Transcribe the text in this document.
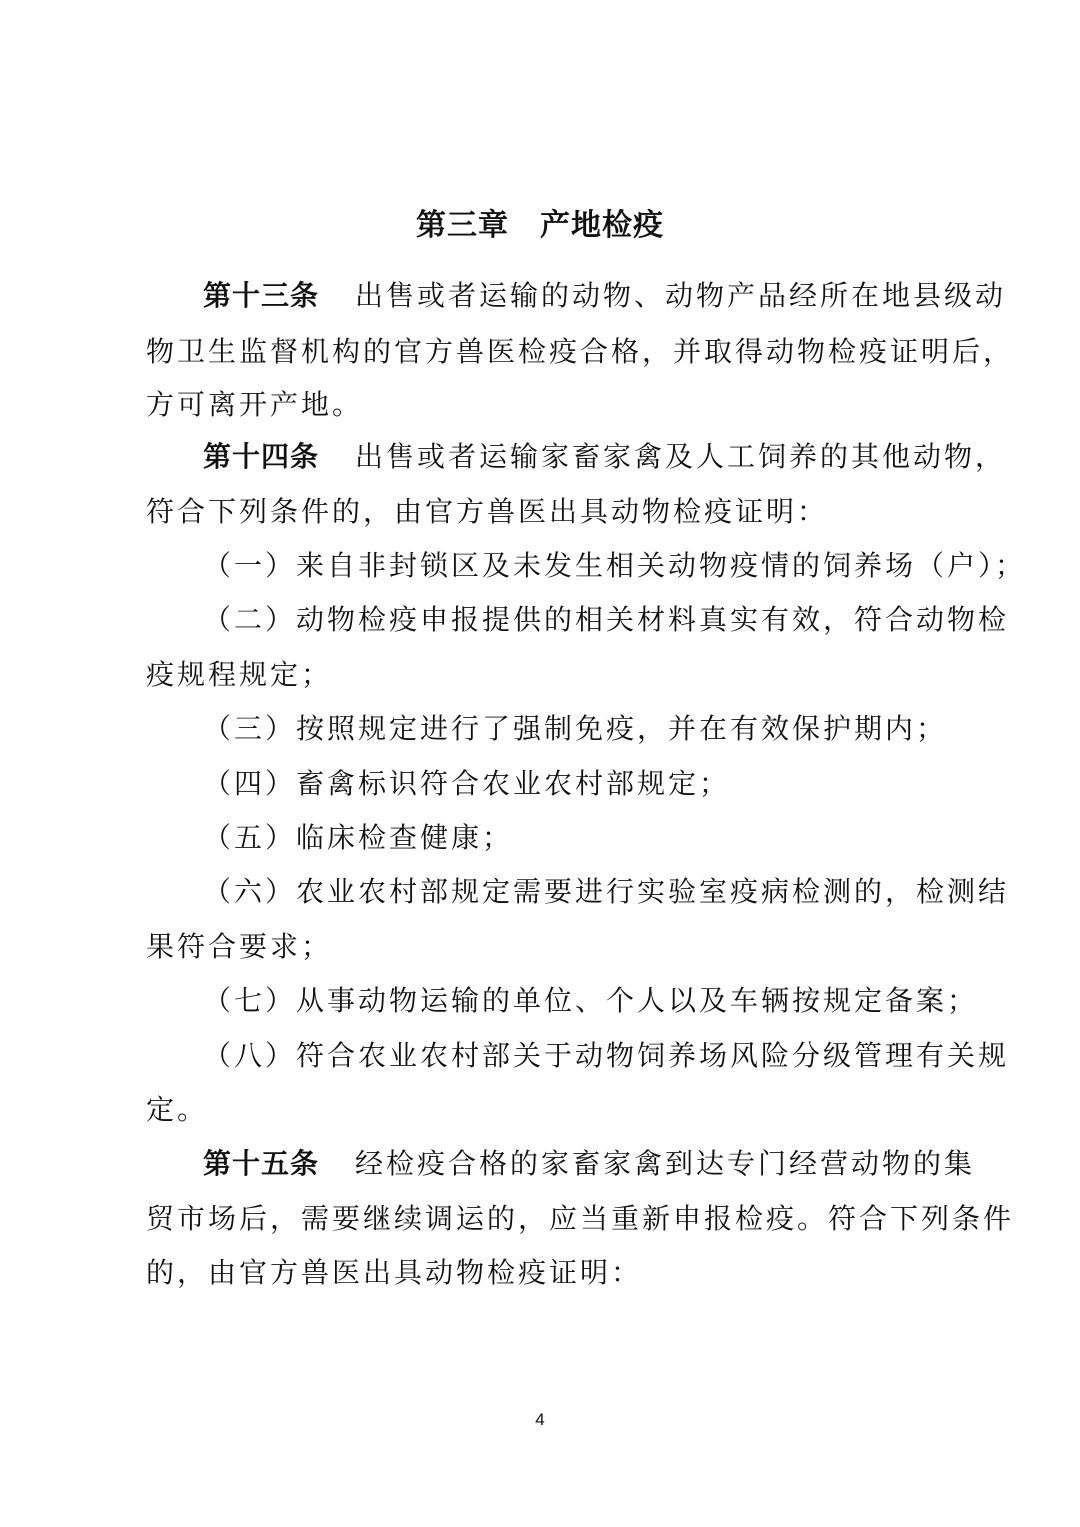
第三章　产地检疫
第十三条 出售或者运输的动物、动物产品经所在地县级动
物卫生监督机构的官方兽医检疫合格，并取得动物检疫证明后，
方可离开产地。
第十四条 出售或者运输家畜家禽及人工饲养的其他动物，
符合下列条件的，由官方兽医出具动物检疫证明：
（一）来自非封锁区及未发生相关动物疫情的饲养场（户）；
（二）动物检疫申报提供的相关材料真实有效，符合动物检
疫规程规定；
（三）按照规定进行了强制免疫，并在有效保护期内；
（四）畜禽标识符合农业农村部规定；
（五）临床检查健康；
（六）农业农村部规定需要进行实验室疫病检测的，检测结
果符合要求；
（七）从事动物运输的单位、个人以及车辆按规定备案；
（八）符合农业农村部关于动物饲养场风险分级管理有关规
定。
第十五条 经检疫合格的家畜家禽到达专门经营动物的集
贸市场后，需要继续调运的，应当重新申报检疫。符合下列条件
的，由官方兽医出具动物检疫证明：
4
